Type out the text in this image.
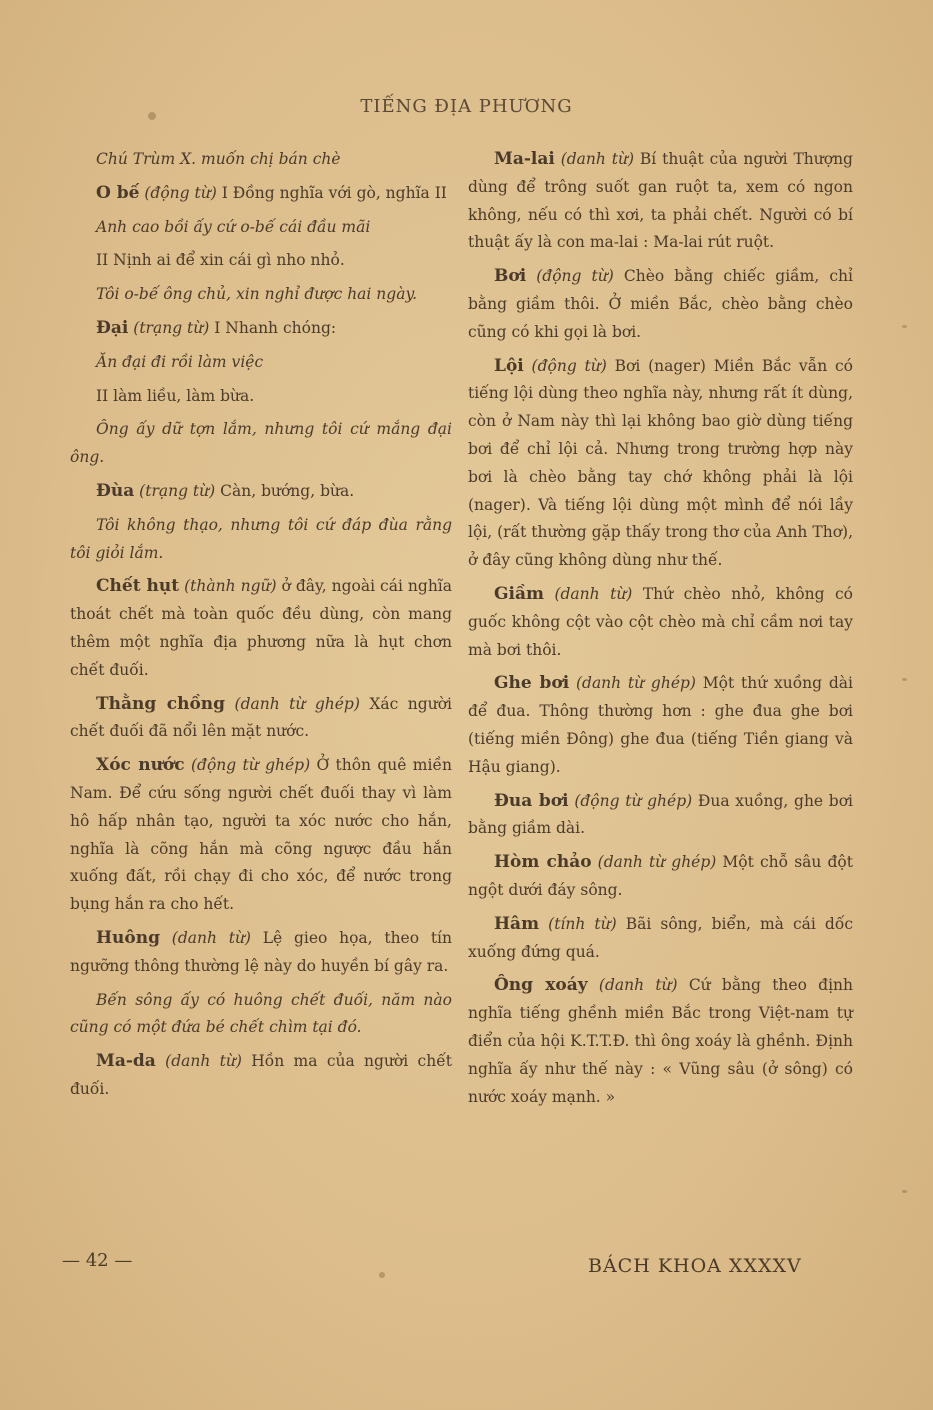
TIẾNG ĐỊA PHƯƠNG

Chú Trùm X. muốn chị bán chè

O bế (động từ) I Đồng nghĩa với gò, nghĩa II

Anh cao bồi ấy cứ o-bế cái đầu mãi

II Nịnh ai để xin cái gì nho nhỏ.

Tôi o-bế ông chủ, xin nghỉ được hai ngày.

Đại (trạng từ) I Nhanh chóng:

Ăn đại đi rồi làm việc

II làm liều, làm bừa.

Ông ấy dữ tợn lắm, nhưng tôi cứ mắng đại ông.

Đùa (trạng từ) Càn, bướng, bừa.

Tôi không thạo, nhưng tôi cứ đáp đùa rằng tôi giỏi lắm.

Chết hụt (thành ngữ) ở đây, ngoài cái nghĩa thoát chết mà toàn quốc đều dùng, còn mang thêm một nghĩa địa phương nữa là hụt chơn chết đuối.

Thằng chồng (danh từ ghép) Xác người chết đuối đã nổi lên mặt nước.

Xóc nước (động từ ghép) Ở thôn quê miền Nam. Để cứu sống người chết đuối thay vì làm hô hấp nhân tạo, người ta xóc nước cho hắn, nghĩa là cõng hắn mà cõng ngược đầu hắn xuống đất, rồi chạy đi cho xóc, để nước trong bụng hắn ra cho hết.

Huông (danh từ) Lệ gieo họa, theo tín ngưỡng thông thường lệ này do huyền bí gây ra.

Bến sông ấy có huông chết đuối, năm nào cũng có một đứa bé chết chìm tại đó.

Ma-da (danh từ) Hồn ma của người chết đuối.

Ma-lai (danh từ) Bí thuật của người Thượng dùng để trông suốt gan ruột ta, xem có ngon không, nếu có thì xơi, ta phải chết. Người có bí thuật ấy là con ma-lai : Ma-lai rút ruột.

Bơi (động từ) Chèo bằng chiếc giầm, chỉ bằng giầm thôi. Ở miền Bắc, chèo bằng chèo cũng có khi gọi là bơi.

Lội (động từ) Bơi (nager) Miền Bắc vẫn có tiếng lội dùng theo nghĩa này, nhưng rất ít dùng, còn ở Nam này thì lại không bao giờ dùng tiếng bơi để chỉ lội cả. Nhưng trong trường hợp này bơi là chèo bằng tay chớ không phải là lội (nager). Và tiếng lội dùng một mình để nói lầy lội, (rất thường gặp thấy trong thơ của Anh Thơ), ở đây cũng không dùng như thế.

Giầm (danh từ) Thứ chèo nhỏ, không có guốc không cột vào cột chèo mà chỉ cầm nơi tay mà bơi thôi.

Ghe bơi (danh từ ghép) Một thứ xuồng dài để đua. Thông thường hơn : ghe đua ghe bơi (tiếng miền Đông) ghe đua (tiếng Tiền giang và Hậu giang).

Đua bơi (động từ ghép) Đua xuồng, ghe bơi bằng giầm dài.

Hòm chảo (danh từ ghép) Một chỗ sâu đột ngột dưới đáy sông.

Hâm (tính từ) Bãi sông, biển, mà cái dốc xuống đứng quá.

Ông xoáy (danh từ) Cứ bằng theo định nghĩa tiếng ghềnh miền Bắc trong Việt-nam tự điển của hội K.T.T.Đ. thì ông xoáy là ghềnh. Định nghĩa ấy như thế này : « Vũng sâu (ở sông) có nước xoáy mạnh. »

— 42 —	BÁCH KHOA XXXXV
